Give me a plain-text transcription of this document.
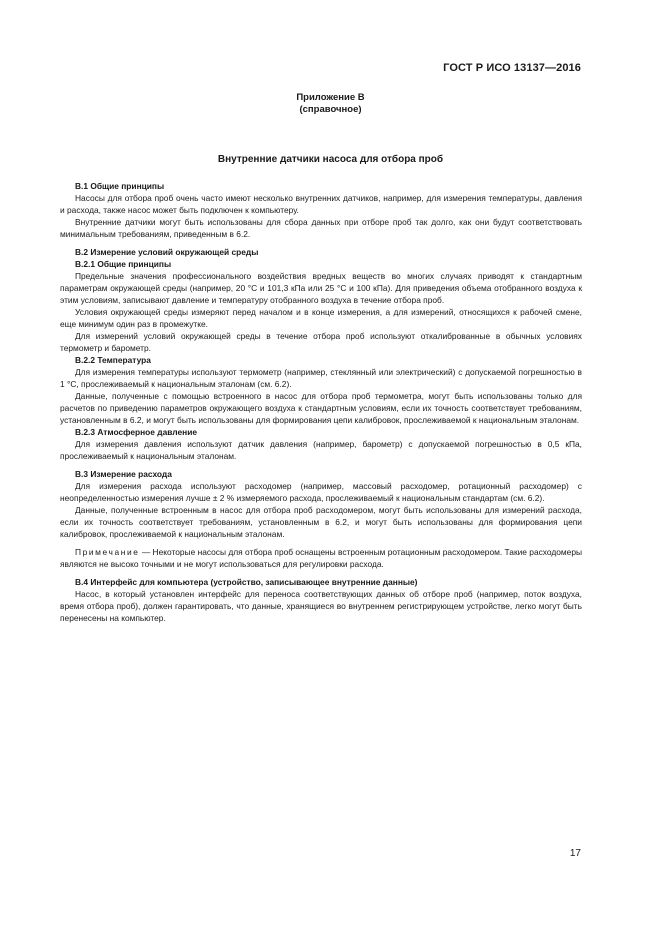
ГОСТ Р ИСО 13137—2016
Приложение В
(справочное)
Внутренние датчики насоса для отбора проб

В.1 Общие принципы

Насосы для отбора проб очень часто имеют несколько внутренних датчиков, например, для измерения температуры, давления и расхода, также насос может быть подключен к компьютеру.

Внутренние датчики могут быть использованы для сбора данных при отборе проб так долго, как они будут соответствовать минимальным требованиям, приведенным в 6.2.

В.2 Измерение условий окружающей среды

В.2.1 Общие принципы

Предельные значения профессионального воздействия вредных веществ во многих случаях приводят к стандартным параметрам окружающей среды (например, 20 °С и 101,3 кПа или 25 °С и 100 кПа). Для приведения объема отобранного воздуха к этим условиям, записывают давление и температуру отобранного воздуха в течение отбора проб.

Условия окружающей среды измеряют перед началом и в конце измерения, а для измерений, относящихся к рабочей смене, еще минимум один раз в промежутке.

Для измерений условий окружающей среды в течение отбора проб используют откалиброванные в обычных условиях термометр и барометр.

В.2.2 Температура

Для измерения температуры используют термометр (например, стеклянный или электрический) с допускаемой погрешностью в 1 °С, прослеживаемый к национальным эталонам (см. 6.2).

Данные, полученные с помощью встроенного в насос для отбора проб термометра, могут быть использованы только для расчетов по приведению параметров окружающего воздуха к стандартным условиям, если их точность соответствует требованиям, установленным в 6.2, и могут быть использованы для формирования цепи калибровок, прослеживаемой к национальным эталонам.

В.2.3 Атмосферное давление

Для измерения давления используют датчик давления (например, барометр) с допускаемой погрешностью в 0,5 кПа, прослеживаемый к национальным эталонам.

В.3 Измерение расхода

Для измерения расхода используют расходомер (например, массовый расходомер, ротационный расходомер) с неопределенностью измерения лучше ± 2 % измеряемого расхода, прослеживаемый к национальным стандартам (см. 6.2).

Данные, полученные встроенным в насос для отбора проб расходомером, могут быть использованы для измерений расхода, если их точность соответствует требованиям, установленным в 6.2, и могут быть использованы для формирования цепи калибровок, прослеживаемой к национальным эталонам.

Примечание — Некоторые насосы для отбора проб оснащены встроенным ротационным расходомером. Такие расходомеры являются не высоко точными и не могут использоваться для регулировки расхода.

В.4 Интерфейс для компьютера (устройство, записывающее внутренние данные)

Насос, в который установлен интерфейс для переноса соответствующих данных об отборе проб (например, поток воздуха, время отбора проб), должен гарантировать, что данные, хранящиеся во внутреннем регистрирующем устройстве, легко могут быть перенесены на компьютер.

17
